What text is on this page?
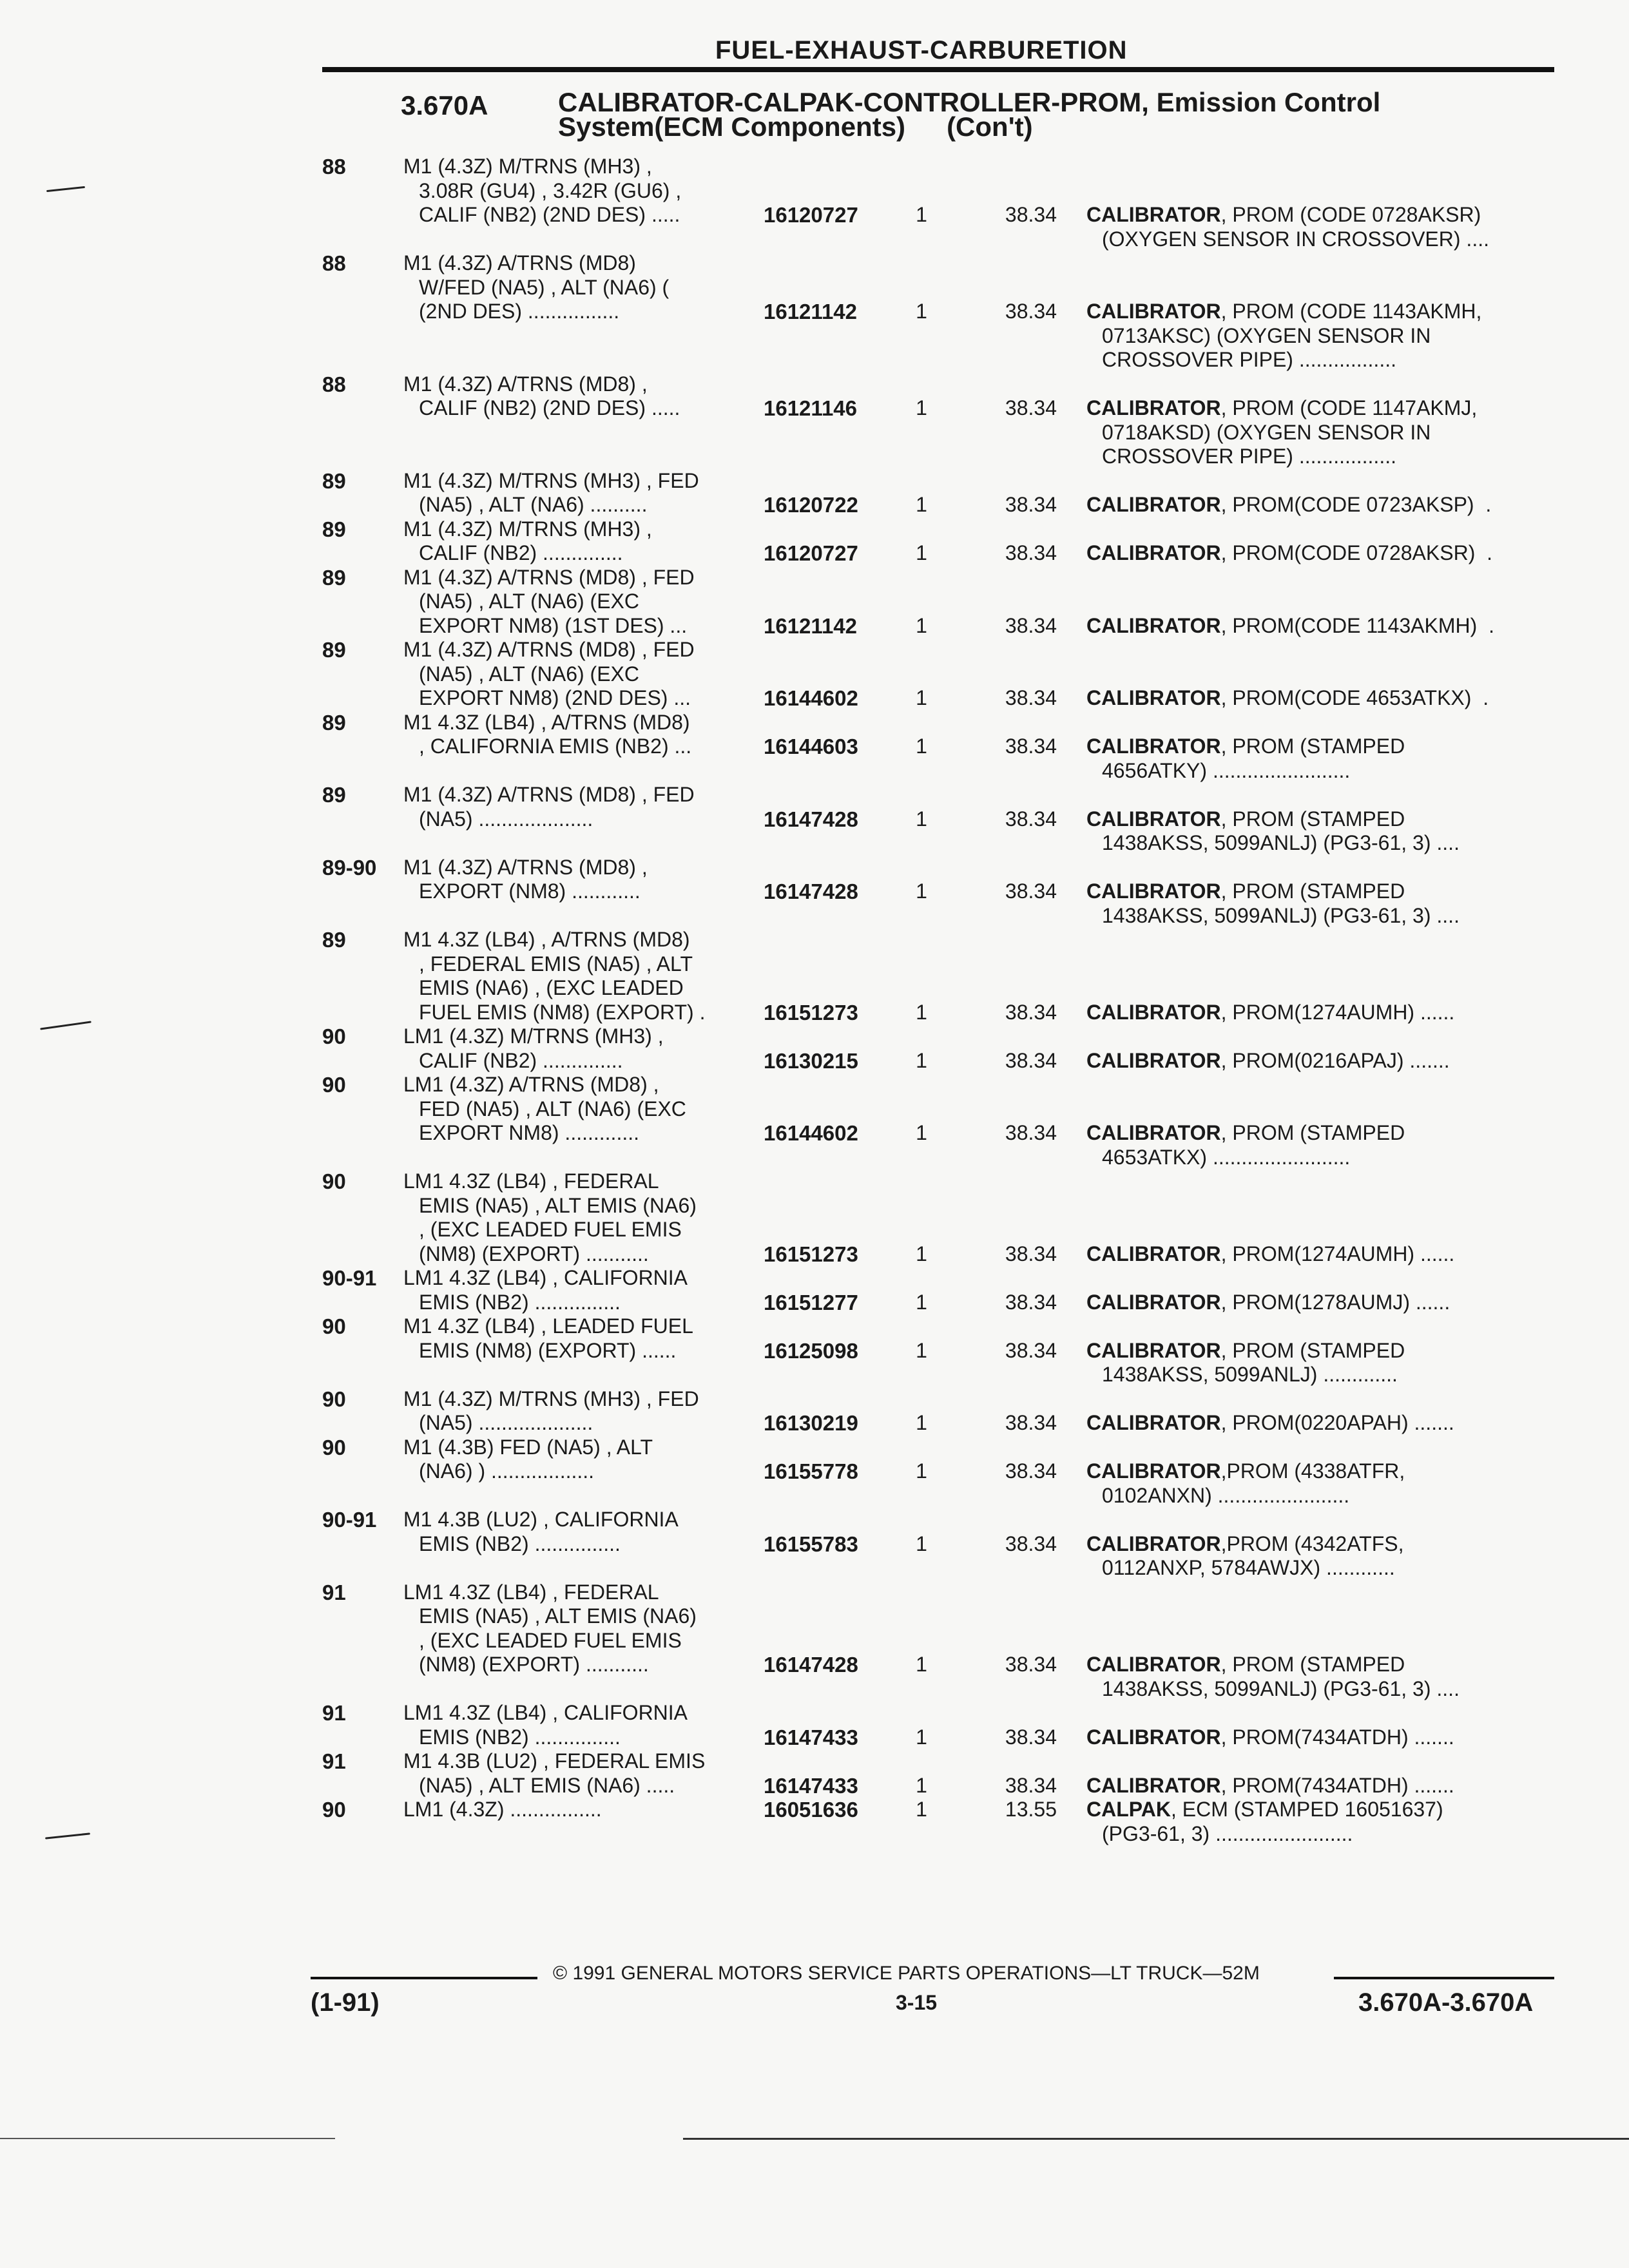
FUEL-EXHAUST-CARBURETION
3.670A	CALIBRATOR-CALPAK-CONTROLLER-PROM, Emission Control
System(ECM Components) (Con't)
88	M1 (4.3Z) M/TRNS (MH3) ,
3.08R (GU4) , 3.42R (GU6) ,
CALIF (NB2) (2ND DES) .....	16120727	1	38.34 CALIBRATOR, PROM (CODE 0728AKSR)
(OXYGEN SENSOR IN CROSSOVER) ....
88	M1 (4.3Z) A/TRNS (MD8)
W/FED (NA5) , ALT (NA6) (
(2ND DES) ................	16121142	1	38.34 CALIBRATOR, PROM (CODE 1143AKMH,
0713AKSC) (OXYGEN SENSOR IN
CROSSOVER PIPE) .................
88	M1 (4.3Z) A/TRNS (MD8) ,
CALIF (NB2) (2ND DES) .....	16121146	1	38.34 CALIBRATOR, PROM (CODE 1147AKMJ,
0718AKSD) (OXYGEN SENSOR IN
CROSSOVER PIPE) .................
89	M1 (4.3Z) M/TRNS (MH3) , FED
(NA5) , ALT (NA6) ..........	16120722	1	38.34 CALIBRATOR, PROM(CODE 0723AKSP)  .
89	M1 (4.3Z) M/TRNS (MH3) ,
CALIF (NB2) ..............	16120727	1	38.34 CALIBRATOR, PROM(CODE 0728AKSR)  .
89	M1 (4.3Z) A/TRNS (MD8) , FED
(NA5) , ALT (NA6) (EXC
EXPORT NM8) (1ST DES) ...	16121142	1	38.34 CALIBRATOR, PROM(CODE 1143AKMH)  .
89	M1 (4.3Z) A/TRNS (MD8) , FED
(NA5) , ALT (NA6) (EXC
EXPORT NM8) (2ND DES) ...	16144602	1	38.34 CALIBRATOR, PROM(CODE 4653ATKX)  .
89	M1 4.3Z (LB4) , A/TRNS (MD8)
, CALIFORNIA EMIS (NB2) ...	16144603	1	38.34 CALIBRATOR, PROM (STAMPED
4656ATKY) ........................
89	M1 (4.3Z) A/TRNS (MD8) , FED
(NA5) ....................	16147428	1	38.34 CALIBRATOR, PROM (STAMPED
1438AKSS, 5099ANLJ) (PG3-61, 3) ....
89-90 M1 (4.3Z) A/TRNS (MD8) ,
EXPORT (NM8) ............	16147428	1	38.34 CALIBRATOR, PROM (STAMPED
1438AKSS, 5099ANLJ) (PG3-61, 3) ....
89	M1 4.3Z (LB4) , A/TRNS (MD8)
, FEDERAL EMIS (NA5) , ALT
EMIS (NA6) , (EXC LEADED
FUEL EMIS (NM8) (EXPORT) .	16151273	1	38.34 CALIBRATOR, PROM(1274AUMH) ......
90	LM1 (4.3Z) M/TRNS (MH3) ,
CALIF (NB2) ..............	16130215	1	38.34 CALIBRATOR, PROM(0216APAJ) .......
90	LM1 (4.3Z) A/TRNS (MD8) ,
FED (NA5) , ALT (NA6) (EXC
EXPORT NM8) .............	16144602	1	38.34 CALIBRATOR, PROM (STAMPED
4653ATKX) ........................
90	LM1 4.3Z (LB4) , FEDERAL
EMIS (NA5) , ALT EMIS (NA6)
, (EXC LEADED FUEL EMIS
(NM8) (EXPORT) ...........	16151273	1	38.34 CALIBRATOR, PROM(1274AUMH) ......
90-91 LM1 4.3Z (LB4) , CALIFORNIA
EMIS (NB2) ...............	16151277	1	38.34 CALIBRATOR, PROM(1278AUMJ) ......
90	M1 4.3Z (LB4) , LEADED FUEL
EMIS (NM8) (EXPORT) ......	16125098	1	38.34 CALIBRATOR, PROM (STAMPED
1438AKSS, 5099ANLJ) .............
90	M1 (4.3Z) M/TRNS (MH3) , FED
(NA5) ....................	16130219	1	38.34 CALIBRATOR, PROM(0220APAH) .......
90	M1 (4.3B) FED (NA5) , ALT
(NA6) ) ..................	16155778	1	38.34 CALIBRATOR,PROM (4338ATFR,
0102ANXN) .......................
90-91 M1 4.3B (LU2) , CALIFORNIA
EMIS (NB2) ...............	16155783	1	38.34 CALIBRATOR,PROM (4342ATFS,
0112ANXP, 5784AWJX) ............
91	LM1 4.3Z (LB4) , FEDERAL
EMIS (NA5) , ALT EMIS (NA6)
, (EXC LEADED FUEL EMIS
(NM8) (EXPORT) ...........	16147428	1	38.34 CALIBRATOR, PROM (STAMPED
1438AKSS, 5099ANLJ) (PG3-61, 3) ....
91	LM1 4.3Z (LB4) , CALIFORNIA
EMIS (NB2) ...............	16147433	1	38.34 CALIBRATOR, PROM(7434ATDH) .......
91	M1 4.3B (LU2) , FEDERAL EMIS
(NA5) , ALT EMIS (NA6) .....	16147433	1	38.34 CALIBRATOR, PROM(7434ATDH) .......
90	LM1 (4.3Z) ................	16051636	1	13.55 CALPAK, ECM (STAMPED 16051637)
(PG3-61, 3) ........................
© 1991 GENERAL MOTORS SERVICE PARTS OPERATIONS—LT TRUCK—52M
(1-91)	3-15	3.670A-3.670A
